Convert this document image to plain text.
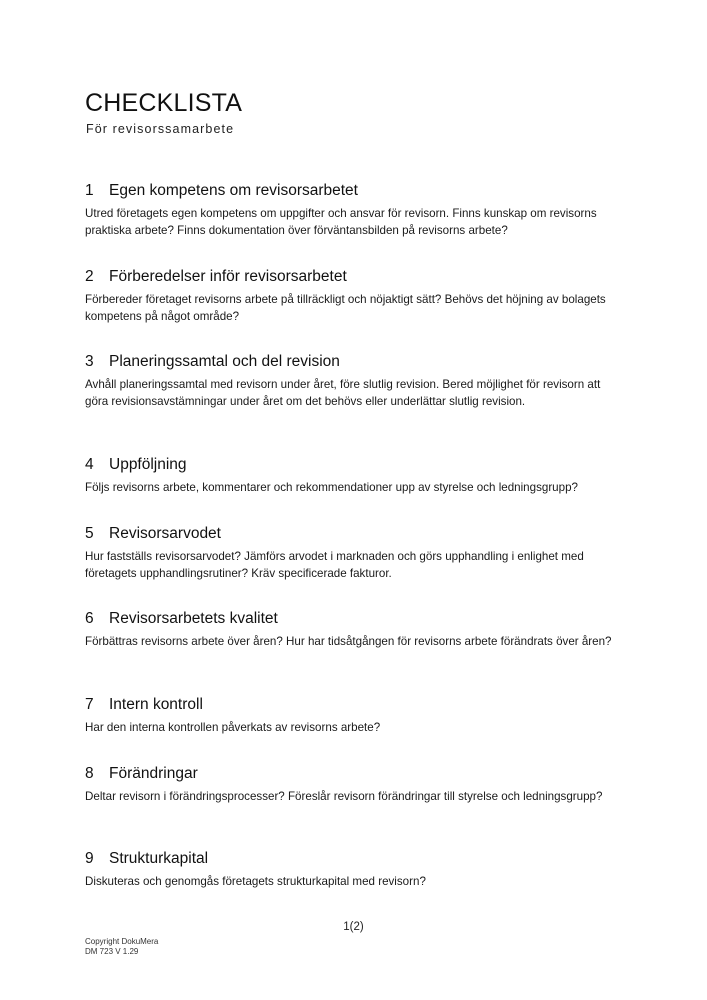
CHECKLISTA

För revisorssamarbete

1 Egen kompetens om revisorsarbetet

Utred företagets egen kompetens om uppgifter och ansvar för revisorn. Finns kunskap om revisorns praktiska arbete? Finns dokumentation över förväntansbilden på revisorns arbete?

2 Förberedelser inför revisorsarbetet

Förbereder företaget revisorns arbete på tillräckligt och nöjaktigt sätt? Behövs det höjning av bolagets kompetens på något område?

3 Planeringssamtal och del revision

Avhåll planeringssamtal med revisorn under året, före slutlig revision. Bered möjlighet för revisorn att göra revisionsavstämningar under året om det behövs eller underlättar slutlig revision.

4 Uppföljning

Följs revisorns arbete, kommentarer och rekommendationer upp av styrelse och ledningsgrupp?

5 Revisorsarvodet

Hur fastställs revisorsarvodet? Jämförs arvodet i marknaden och görs upphandling i enlighet med företagets upphandlingsrutiner? Kräv specificerade fakturor.

6 Revisorsarbetets kvalitet

Förbättras revisorns arbete över åren? Hur har tidsåtgången för revisorns arbete förändrats över åren?

7 Intern kontroll

Har den interna kontrollen påverkats av revisorns arbete?

8 Förändringar

Deltar revisorn i förändringsprocesser? Föreslår revisorn förändringar till styrelse och ledningsgrupp?

9 Strukturkapital

Diskuteras och genomgås företagets strukturkapital med revisorn?

1(2)
Copyright DokuMera
DM 723 V 1.29
